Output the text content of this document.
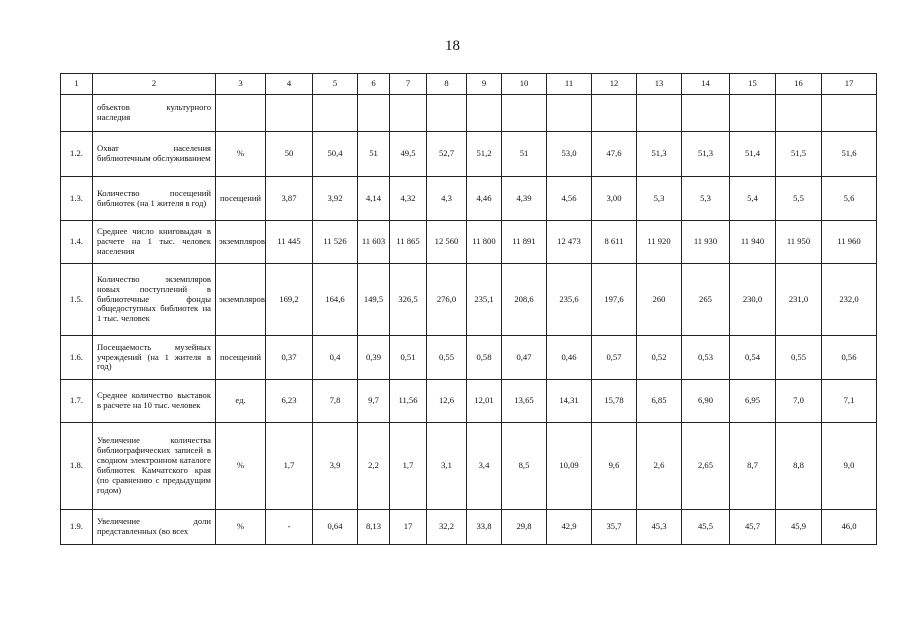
18
1	2	3	4	5	6	7	8	9	10	11	12	13	14	15	16	17
	объектов культурного наследия															
1.2.	Охват населения библиотечным обслуживанием	%	50	50,4	51	49,5	52,7	51,2	51	53,0	47,6	51,3	51,3	51,4	51,5	51,6
1.3.	Количество посещений библиотек (на 1 жителя в год)	посещений	3,87	3,92	4,14	4,32	4,3	4,46	4,39	4,56	3,00	5,3	5,3	5,4	5,5	5,6
1.4.	Среднее число книговыдач в расчете на 1 тыс. человек населения	экземпляров	11 445	11 526	11 603	11 865	12 560	11 800	11 891	12 473	8 611	11 920	11 930	11 940	11 950	11 960
1.5.	Количество экземпляров новых поступлений в библиотечные фонды общедоступных библиотек на 1 тыс. человек	экземпляров	169,2	164,6	149,5	326,5	276,0	235,1	208,6	235,6	197,6	260	265	230,0	231,0	232,0
1.6.	Посещаемость музейных учреждений (на 1 жителя в год)	посещений	0,37	0,4	0,39	0,51	0,55	0,58	0,47	0,46	0,57	0,52	0,53	0,54	0,55	0,56
1.7.	Среднее количество выставок в расчете на 10 тыс. человек	ед.	6,23	7,8	9,7	11,56	12,6	12,01	13,65	14,31	15,78	6,85	6,90	6,95	7,0	7,1
1.8.	Увеличение количества библиографических записей в сводном электронном каталоге библиотек Камчатского края (по сравнению с предыдущим годом)	%	1,7	3,9	2,2	1,7	3,1	3,4	8,5	10,09	9,6	2,6	2,65	8,7	8,8	9,0
1.9.	Увеличение доли представленных (во всех	%	-	0,64	8,13	17	32,2	33,8	29,8	42,9	35,7	45,3	45,5	45,7	45,9	46,0
